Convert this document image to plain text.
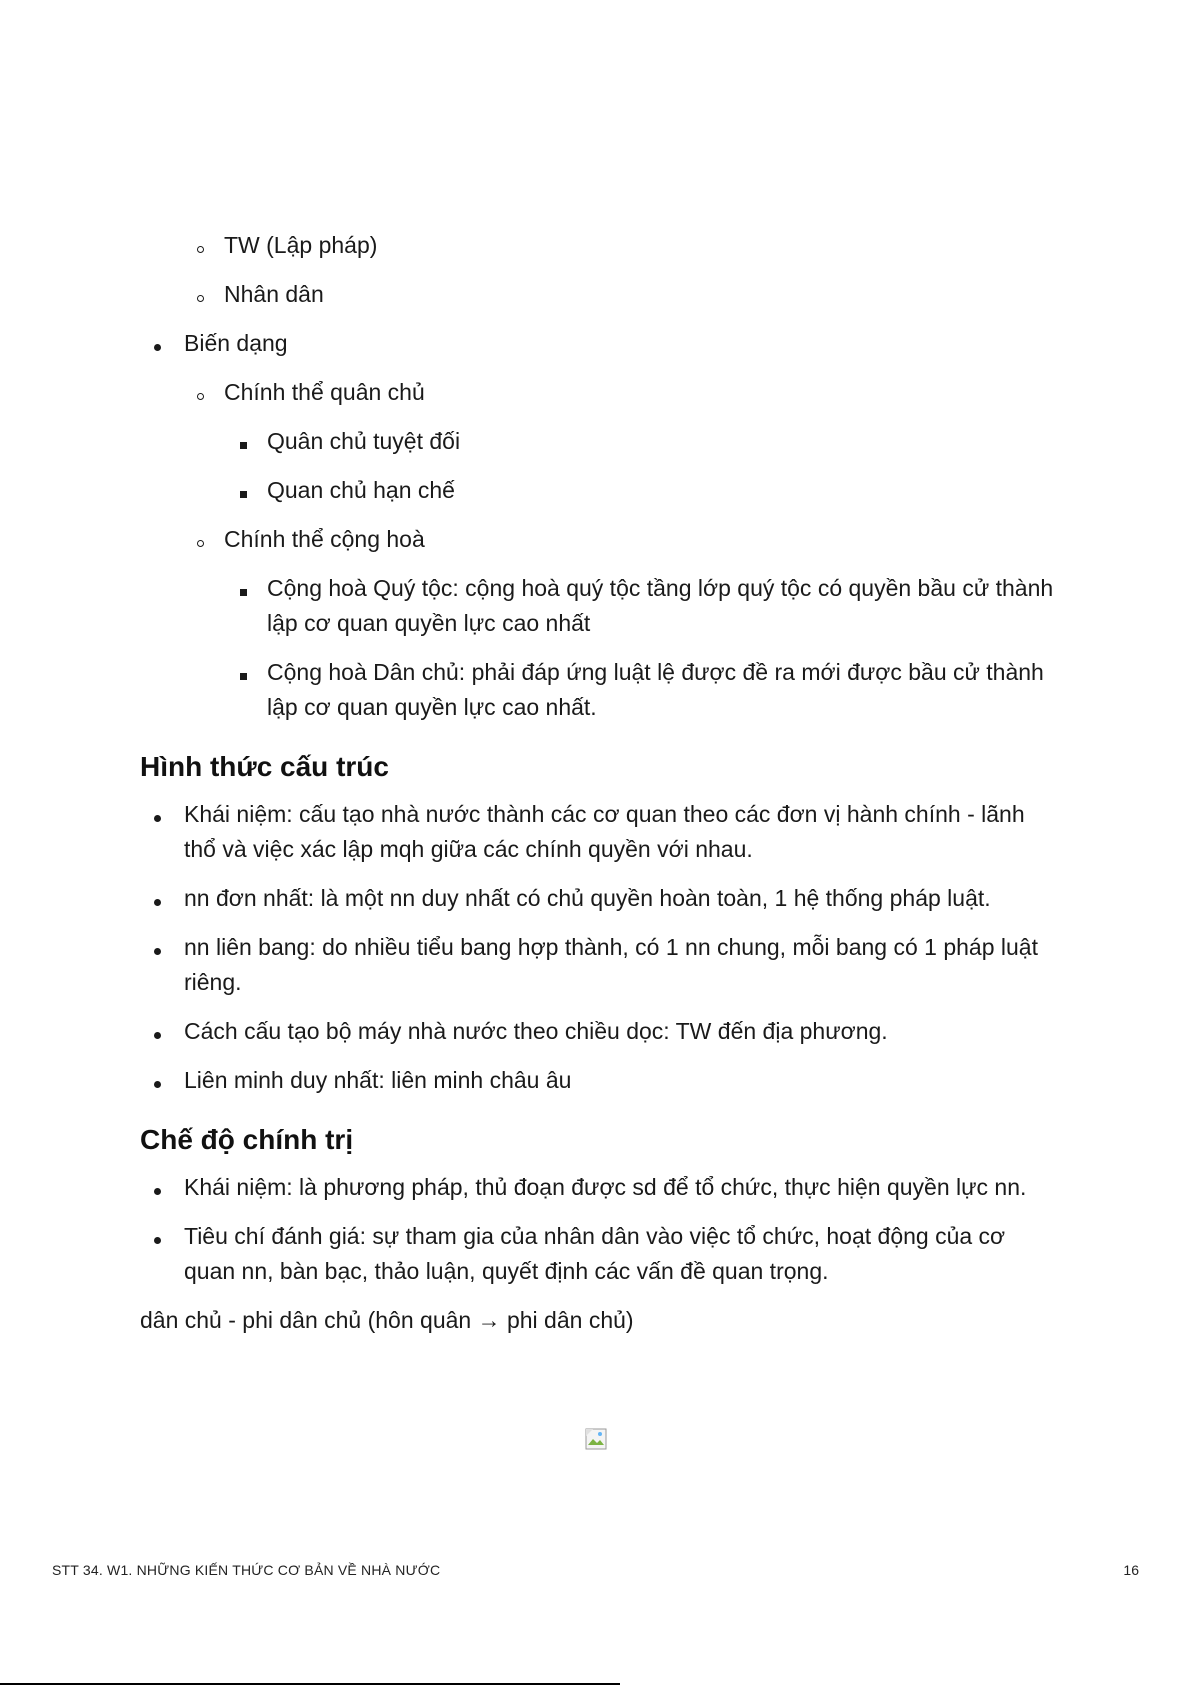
TW (Lập pháp)
Nhân dân
Biến dạng
Chính thể quân chủ
Quân chủ tuyệt đối
Quan chủ hạn chế
Chính thể cộng hoà
Cộng hoà Quý tộc: cộng hoà quý tộc tầng lớp quý tộc có quyền bầu cử thành lập cơ quan quyền lực cao nhất
Cộng hoà Dân chủ: phải đáp ứng luật lệ được đề ra mới được bầu cử thành lập cơ quan quyền lực cao nhất.
Hình thức cấu trúc
Khái niệm: cấu tạo nhà nước thành các cơ quan theo các đơn vị hành chính - lãnh thổ và việc xác lập mqh giữa các chính quyền với nhau.
nn đơn nhất: là một nn duy nhất có chủ quyền hoàn toàn, 1 hệ thống pháp luật.
nn liên bang: do nhiều tiểu bang hợp thành, có 1 nn chung, mỗi bang có 1 pháp luật riêng.
Cách cấu tạo bộ máy nhà nước theo chiều dọc: TW đến địa phương.
Liên minh duy nhất: liên minh châu âu
Chế độ chính trị
Khái niệm: là phương pháp, thủ đoạn được sd để tổ chức, thực hiện quyền lực nn.
Tiêu chí đánh giá: sự tham gia của nhân dân vào việc tổ chức, hoạt động của cơ quan nn, bàn bạc, thảo luận, quyết định các vấn đề quan trọng.

dân chủ - phi dân chủ (hôn quân → phi dân chủ)

STT 34. W1. NHỮNG KIẾN THỨC CƠ BẢN VỀ NHÀ NƯỚC	16
